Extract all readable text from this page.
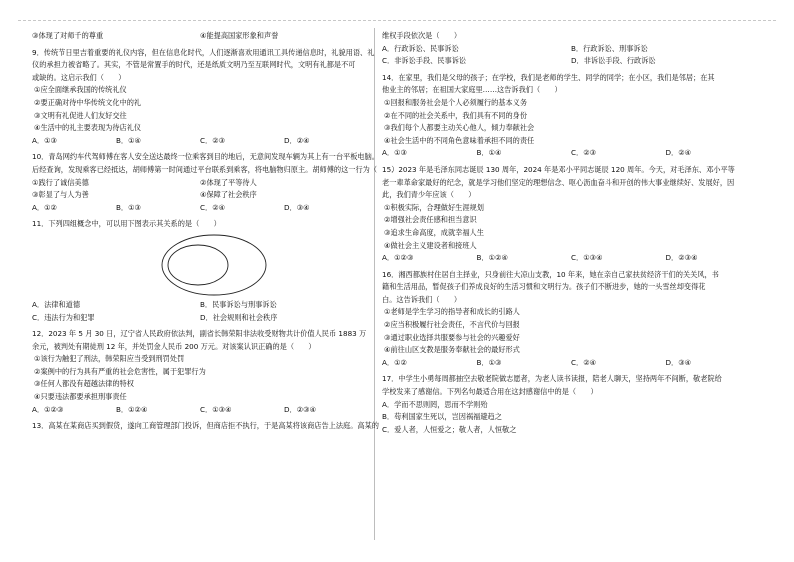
③体现了对师千的尊重	④能提高国家形象和声誉
9．传统节日里吉着重要的礼仪内容，但在信息化时代，人们逐渐喜欢用通讯工具传递信息时，礼貌用语、礼
仪的承担力被省略了。其实，不管是常置手的时代，还是纸质文明乃至互联网时代，文明有礼都是不可
或缺的。这启示我们（　　）
①应全面继承我国的传统礼仪
②要正确对待中华传统文化中的礼
③文明有礼促进人们友好交往
④生活中的礼主要表现为待店礼仪
A．①③	B．①④	C．②③	D．②④
10．青岛网约车代驾师傅在客人安全送达最终一位乘客到目的地后，无意间发现车辆为其上有一台平板电脑。
后经查询，发现乘客已经抵达，胡师傅第一时间通过平台联系到乘客，将电脑物归原主。胡师傅的这一行为（　　）
①践行了诚信美德	②体现了平等待人
③彰显了与人为善	④保障了社会秩序
A．①②	B．①③	C．②④	D．③④
11．下列四组概念中，可以用下图表示其关系的是（　　）
A．法律和道德	B．民事诉讼与刑事诉讼
C．违法行为和犯罪	D．社会规则和社会秩序
12．2023 年 5 月 30 日，辽宁省人民政府依法判，副省长韩荣阳非法收受财物共计价值人民币 1883 万
余元，被判处有期徒刑 12 年，并处罚金人民币 200 万元。对该案认识正确的是（　　）
①该行为触犯了刑法，韩荣阳应当受到刑罚处罚
②案例中的行为具有严重的社会危害性，属于犯罪行为
③任何人都没有超越法律的特权
④只要违法都要承担刑事责任
A．①②③	B．①②④	C．①③④	D．②③④
13．高某在某商店买到假货，遂向工商管理部门投诉，但商店拒不执行，于是高某将该商店告上法庭。高某的
维权手段依次是（　　）
A．行政诉讼、民事诉讼	B．行政诉讼、刑事诉讼
C．非诉讼手段、民事诉讼	D．非诉讼手段、行政诉讼
14．在家里，我们是父母的孩子；在学校，我们是老师的学生、同学的同学；在小区，我们是邻居；在其
他业主的邻居；在祖国大家庭里……这告诉我们（　　）
①回报和服务社会是个人必须履行的基本义务
②在不同的社会关系中，我们具有不同的身份
③我们每个人都要主动关心他人，倾力奉献社会
④社会生活中的不同角色意味着承担不同的责任
A．①③	B．①④	C．②③	D．②④
15．2023 年是毛泽东同志诞辰 130 周年，2024 年是邓小平同志诞辰 120 周年。今天，对毛泽东、邓小平等
老一辈革命家最好的纪念，就是学习他们坚定的理想信念、呕心沥血奋斗和开创的伟大事业继续好、发展好，因
此，我们青少年应该（　　）
①积极实际，合理做好生涯规划
②增强社会责任感和担当意识
③追求生命高度，成就幸福人生
④做社会主义建设者和接班人
A．①②③	B．①②④	C．①③④	D．②③④
16．湘西都族村住居自主择业，只身前往大凉山支教，10 年来，她在亲自己家扶贫经济干们的关关风，书
籍和生活用品，暂促孩子们养成良好的生活习惯和文明行为。孩子们不断进步，她的一头雪丝却变得花
白。这告诉我们（　　）
①老师是学生学习的指导者和成长的引路人
②应当积极履行社会责任，不言代价与回报
③通过职业选择共服要参与社会的兴趣爱好
④前往山区支教是服务奉献社会的最好形式
A．①②	B．①③	C．②④	D．③④
17．中学生小勇每周都抽空去敬老院做志愿者，为老人读书读报，陪老人聊天，坚持两年不间断，敬老院给
学校发来了感谢信。下列名句最适合用在这封感谢信中的是（　　）
A．学而不思则罔，思而不学则殆
B．苟利国家生死以，岂因祸福避趋之
C．爱人者，人恒爱之；敬人者，人恒敬之
